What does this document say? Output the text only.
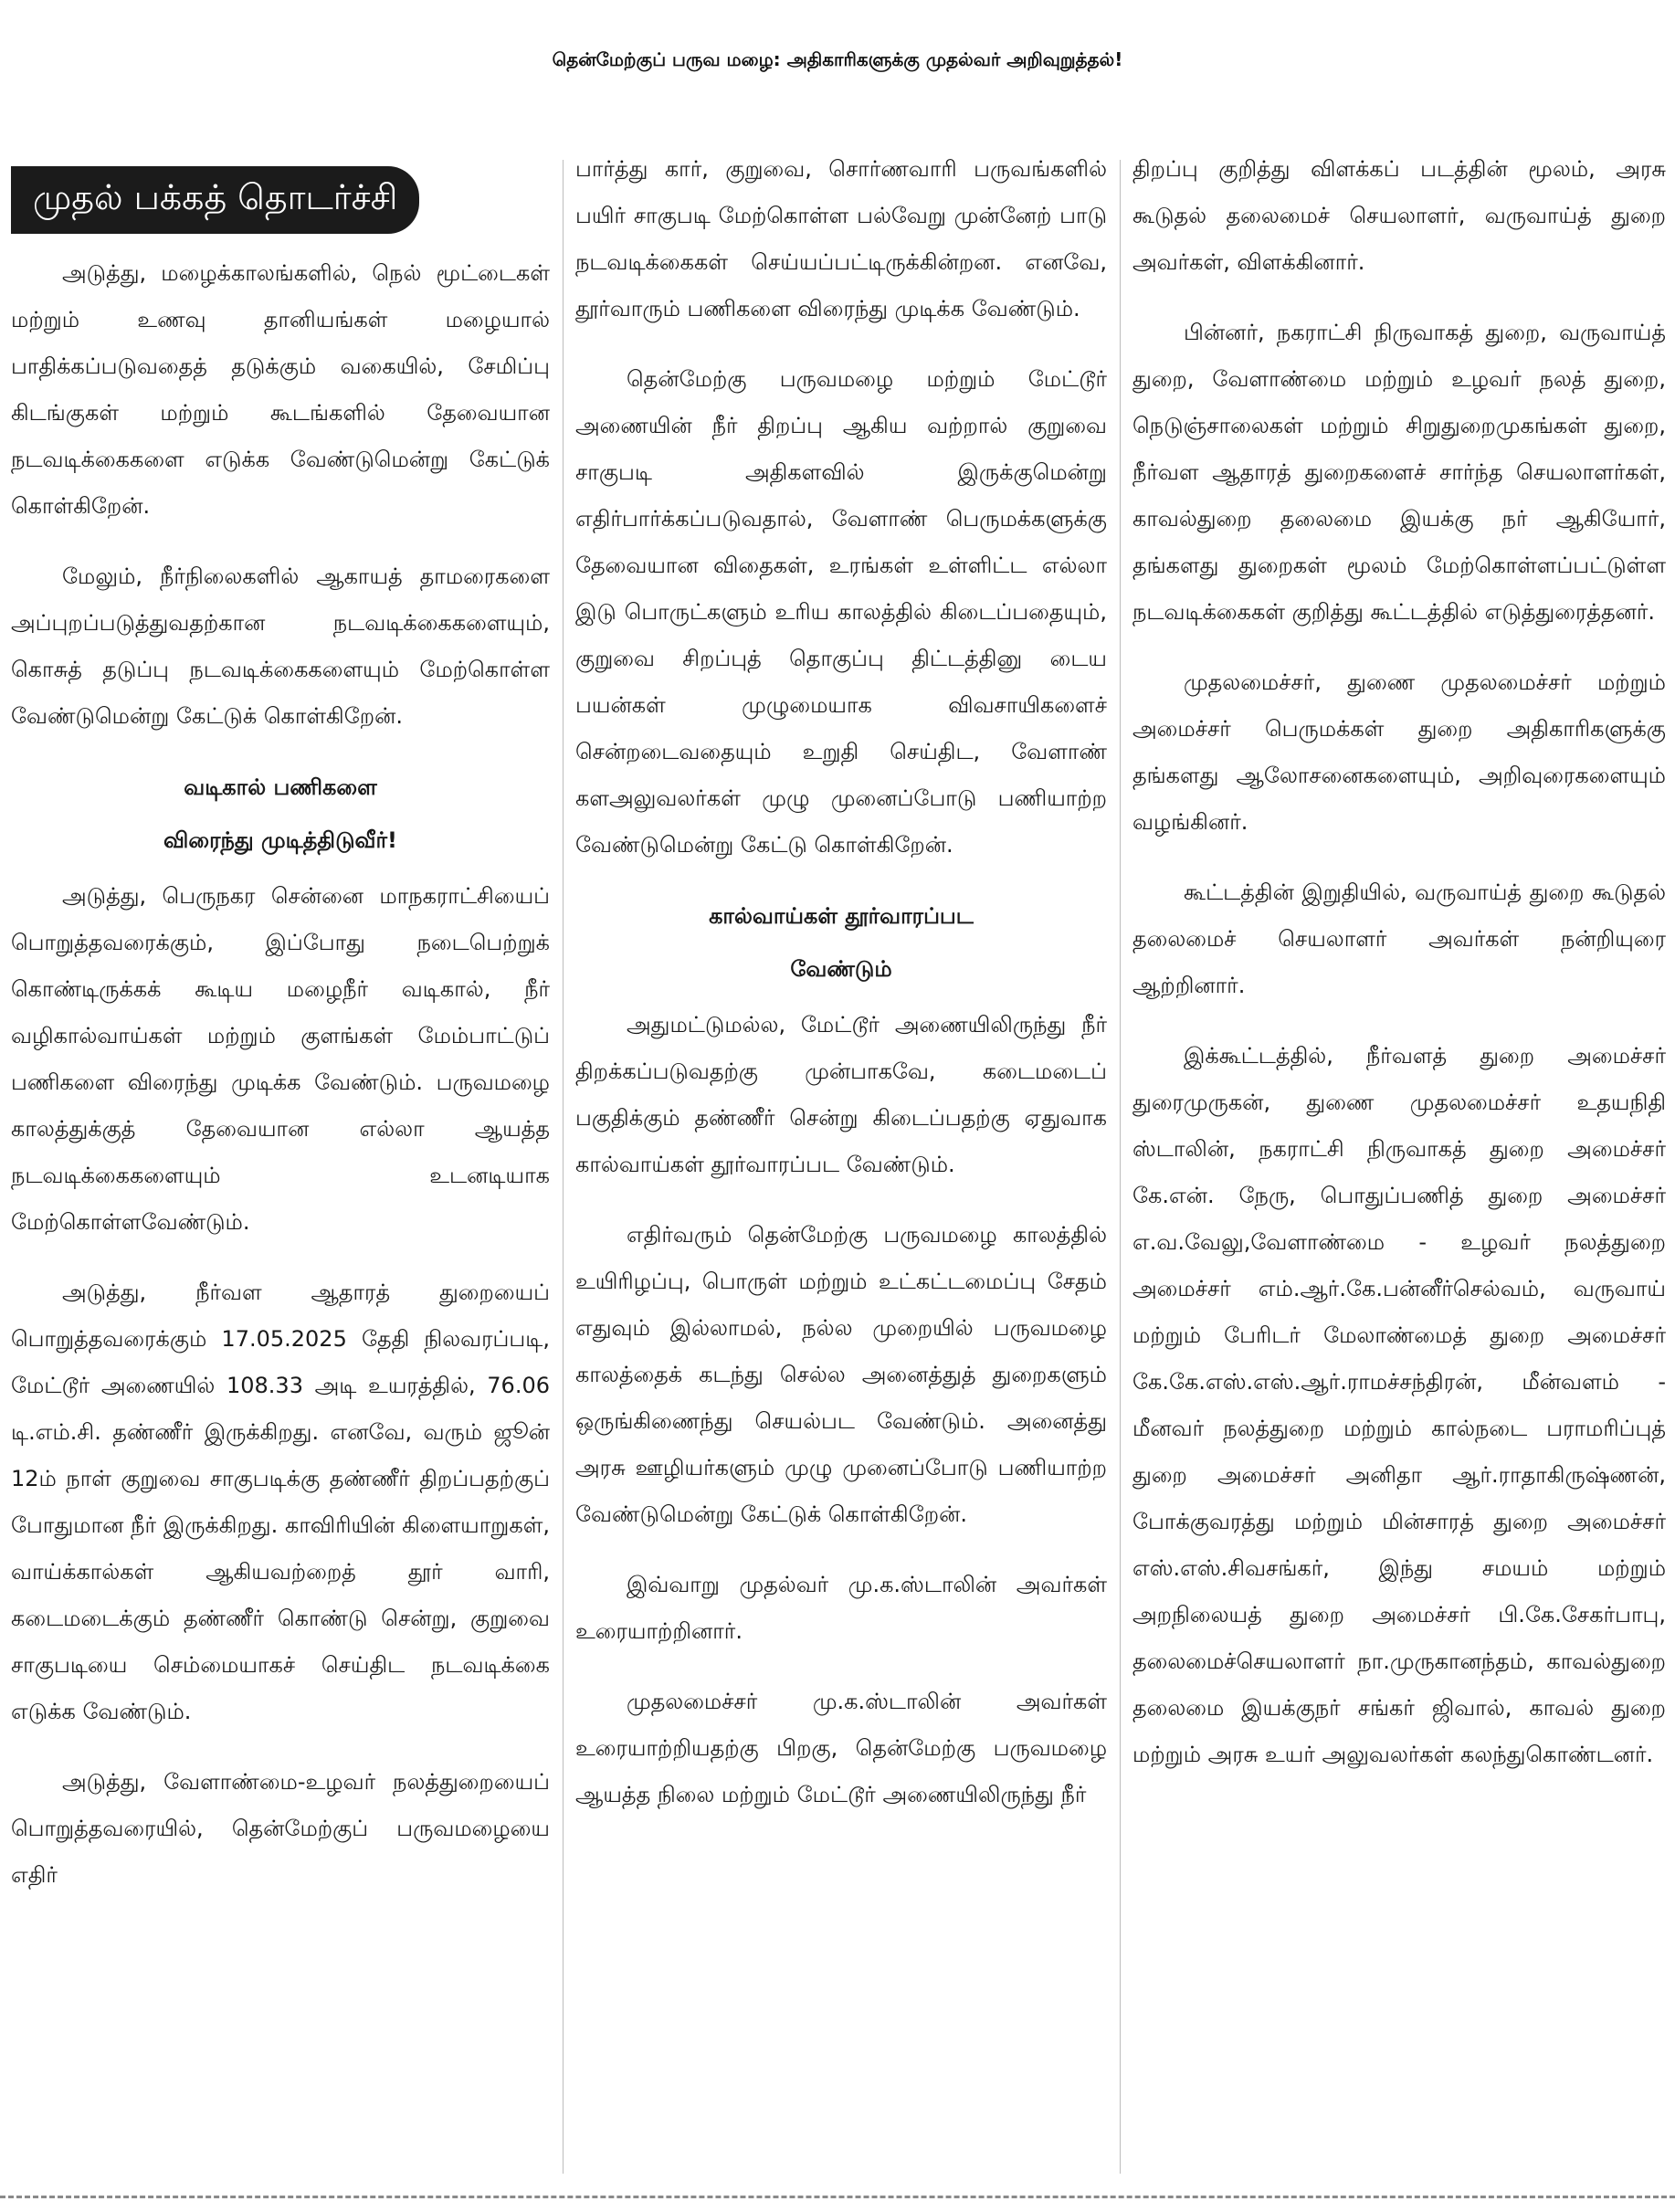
தென்மேற்குப் பருவ மழை: அதிகாரிகளுக்கு முதல்வர் அறிவுறுத்தல்!
முதல் பக்கத் தொடர்ச்சி

அடுத்து, மழைக்காலங்களில், நெல் மூட்டைகள் மற்றும் உணவு தானியங்கள் மழையால் பாதிக்கப்படுவதைத் தடுக்கும் வகையில், சேமிப்பு கிடங்குகள் மற்றும் கூடங்களில் தேவையான நடவடிக்கைகளை எடுக்க வேண்டுமென்று கேட்டுக் கொள்கிறேன்.

மேலும், நீர்நிலைகளில் ஆகாயத் தாமரைகளை அப்புறப்படுத்துவதற்கான நடவடிக்கைகளையும், கொசுத் தடுப்பு நடவடிக்கைகளையும் மேற்கொள்ள வேண்டுமென்று கேட்டுக் கொள்கிறேன்.

வடிகால் பணிகளை

விரைந்து முடித்திடுவீர்!

அடுத்து, பெருநகர சென்னை மாநகராட்சியைப் பொறுத்தவரைக்கும், இப்போது நடைபெற்றுக் கொண்டிருக்கக் கூடிய மழைநீர் வடிகால், நீர் வழிகால்வாய்கள் மற்றும் குளங்கள் மேம்பாட்டுப் பணிகளை விரைந்து முடிக்க வேண்டும். பருவமழை காலத்துக்குத் தேவையான எல்லா ஆயத்த நடவடிக்கைகளையும் உடனடியாக மேற்கொள்ளவேண்டும்.

அடுத்து, நீர்வள ஆதாரத் துறையைப் பொறுத்தவரைக்கும் 17.05.2025 தேதி நிலவரப்படி, மேட்டூர் அணையில் 108.33 அடி உயரத்தில், 76.06 டி.எம்.சி. தண்ணீர் இருக்கிறது. எனவே, வரும் ஜூன் 12ம் நாள் குறுவை சாகுபடிக்கு தண்ணீர் திறப்பதற்குப் போதுமான நீர் இருக்கிறது. காவிரியின் கிளையாறுகள், வாய்க்கால்கள் ஆகியவற்றைத் தூர் வாரி, கடைமடைக்கும் தண்ணீர் கொண்டு சென்று, குறுவை சாகுபடியை செம்மையாகச் செய்திட நடவடிக்கை எடுக்க வேண்டும்.

அடுத்து, வேளாண்மை-உழவர் நலத்துறையைப் பொறுத்தவரையில், தென்மேற்குப் பருவமழையை எதிர்

பார்த்து கார், குறுவை, சொர்ணவாரி பருவங்களில் பயிர் சாகுபடி மேற்கொள்ள பல்வேறு முன்னேற் பாடு நடவடிக்கைகள் செய்யப்பட்டிருக்கின்றன. எனவே, தூர்வாரும் பணிகளை விரைந்து முடிக்க வேண்டும்.

தென்மேற்கு பருவமழை மற்றும் மேட்டூர் அணையின் நீர் திறப்பு ஆகிய வற்றால் குறுவை சாகுபடி அதிகளவில் இருக்குமென்று எதிர்பார்க்கப்படுவதால், வேளாண் பெருமக்களுக்கு தேவையான விதைகள், உரங்கள் உள்ளிட்ட எல்லா இடு பொருட்களும் உரிய காலத்தில் கிடைப்பதையும், குறுவை சிறப்புத் தொகுப்பு திட்டத்தினு டைய பயன்கள் முழுமையாக விவசாயிகளைச் சென்றடைவதையும் உறுதி செய்திட, வேளாண் களஅலுவலர்கள் முழு முனைப்போடு பணியாற்ற வேண்டுமென்று கேட்டு கொள்கிறேன்.

கால்வாய்கள் தூர்வாரப்பட

வேண்டும்

அதுமட்டுமல்ல, மேட்டூர் அணையிலிருந்து நீர் திறக்கப்படுவதற்கு முன்பாகவே, கடைமடைப் பகுதிக்கும் தண்ணீர் சென்று கிடைப்பதற்கு ஏதுவாக கால்வாய்கள் தூர்வாரப்பட வேண்டும்.

எதிர்வரும் தென்மேற்கு பருவமழை காலத்தில் உயிரிழப்பு, பொருள் மற்றும் உட்கட்டமைப்பு சேதம் எதுவும் இல்லாமல், நல்ல முறையில் பருவமழை காலத்தைக் கடந்து செல்ல அனைத்துத் துறைகளும் ஒருங்கிணைந்து செயல்பட வேண்டும். அனைத்து அரசு ஊழியர்களும் முழு முனைப்போடு பணியாற்ற வேண்டுமென்று கேட்டுக் கொள்கிறேன்.

இவ்வாறு முதல்வர் மு.க.ஸ்டாலின் அவர்கள் உரையாற்றினார்.

முதலமைச்சர் மு.க.ஸ்டாலின் அவர்கள் உரையாற்றியதற்கு பிறகு, தென்மேற்கு பருவமழை ஆயத்த நிலை மற்றும் மேட்டூர் அணையிலிருந்து நீர்

திறப்பு குறித்து விளக்கப் படத்தின் மூலம், அரசு கூடுதல் தலைமைச் செயலாளர், வருவாய்த் துறை அவர்கள், விளக்கினார்.

பின்னர், நகராட்சி நிருவாகத் துறை, வருவாய்த் துறை, வேளாண்மை மற்றும் உழவர் நலத் துறை, நெடுஞ்சாலைகள் மற்றும் சிறுதுறைமுகங்கள் துறை, நீர்வள ஆதாரத் துறைகளைச் சார்ந்த செயலாளர்கள், காவல்துறை தலைமை இயக்கு நர் ஆகியோர், தங்களது துறைகள் மூலம் மேற்கொள்ளப்பட்டுள்ள நடவடிக்கைகள் குறித்து கூட்டத்தில் எடுத்துரைத்தனர்.

முதலமைச்சர், துணை முதலமைச்சர் மற்றும் அமைச்சர் பெருமக்கள் துறை அதிகாரிகளுக்கு தங்களது ஆலோசனைகளையும், அறிவுரைகளையும் வழங்கினர்.

கூட்டத்தின் இறுதியில், வருவாய்த் துறை கூடுதல் தலைமைச் செயலாளர் அவர்கள் நன்றியுரை ஆற்றினார்.

இக்கூட்டத்தில், நீர்வளத் துறை அமைச்சர் துரைமுருகன், துணை முதலமைச்சர் உதயநிதி ஸ்டாலின், நகராட்சி நிருவாகத் துறை அமைச்சர் கே.என். நேரு, பொதுப்பணித் துறை அமைச்சர் எ.வ.வேலு,வேளாண்மை - உழவர் நலத்துறை அமைச்சர் எம்.ஆர்.கே.பன்னீர்செல்வம், வருவாய் மற்றும் பேரிடர் மேலாண்மைத் துறை அமைச்சர் கே.கே.எஸ்.எஸ்.ஆர்.ராமச்சந்திரன், மீன்வளம் - மீனவர் நலத்துறை மற்றும் கால்நடை பராமரிப்புத் துறை அமைச்சர் அனிதா ஆர்.ராதாகிருஷ்ணன், போக்குவரத்து மற்றும் மின்சாரத் துறை அமைச்சர் எஸ்.எஸ்.சிவசங்கர், இந்து சமயம் மற்றும் அறநிலையத் துறை அமைச்சர் பி.கே.சேகர்பாபு, தலைமைச்செயலாளர் நா.முருகானந்தம், காவல்துறை தலைமை இயக்குநர் சங்கர் ஜிவால், காவல் துறை மற்றும் அரசு உயர் அலுவலர்கள் கலந்துகொண்டனர்.
